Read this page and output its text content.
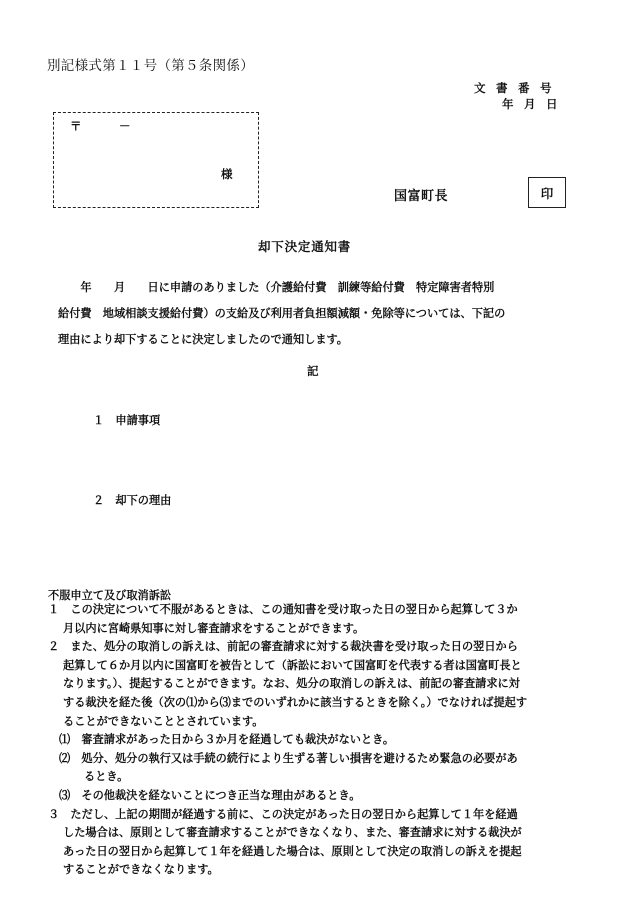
別記様式第１１号（第５条関係）
文書番号
年月日
〒	－
様
国富町長	印
却下決定通知書

　　年　　月　　日に申請のありました（介護給付費　訓練等給付費　特定障害者特別

給付費　地域相談支援給付費）の支給及び利用者負担額減額・免除等については、下記の

理由により却下することに決定しましたので通知します。

記
１　申請事項
２　却下の理由
不服申立て及び取消訴訟
１　この決定について不服があるときは、この通知書を受け取った日の翌日から起算して３か
月以内に宮崎県知事に対し審査請求をすることができます。
２　また、処分の取消しの訴えは、前記の審査請求に対する裁決書を受け取った日の翌日から
起算して６か月以内に国富町を被告として（訴訟において国富町を代表する者は国富町長と
なります。）、提起することができます。なお、処分の取消しの訴えは、前記の審査請求に対
する裁決を経た後（次の⑴から⑶までのいずれかに該当するときを除く。）でなければ提起す
ることができないこととされています。
⑴　審査請求があった日から３か月を経過しても裁決がないとき。
⑵　処分、処分の執行又は手続の続行により生ずる著しい損害を避けるため緊急の必要があ
るとき。
⑶　その他裁決を経ないことにつき正当な理由があるとき。
３　ただし、上記の期間が経過する前に、この決定があった日の翌日から起算して１年を経過
した場合は、原則として審査請求することができなくなり、また、審査請求に対する裁決が
あった日の翌日から起算して１年を経過した場合は、原則として決定の取消しの訴えを提起
することができなくなります。
